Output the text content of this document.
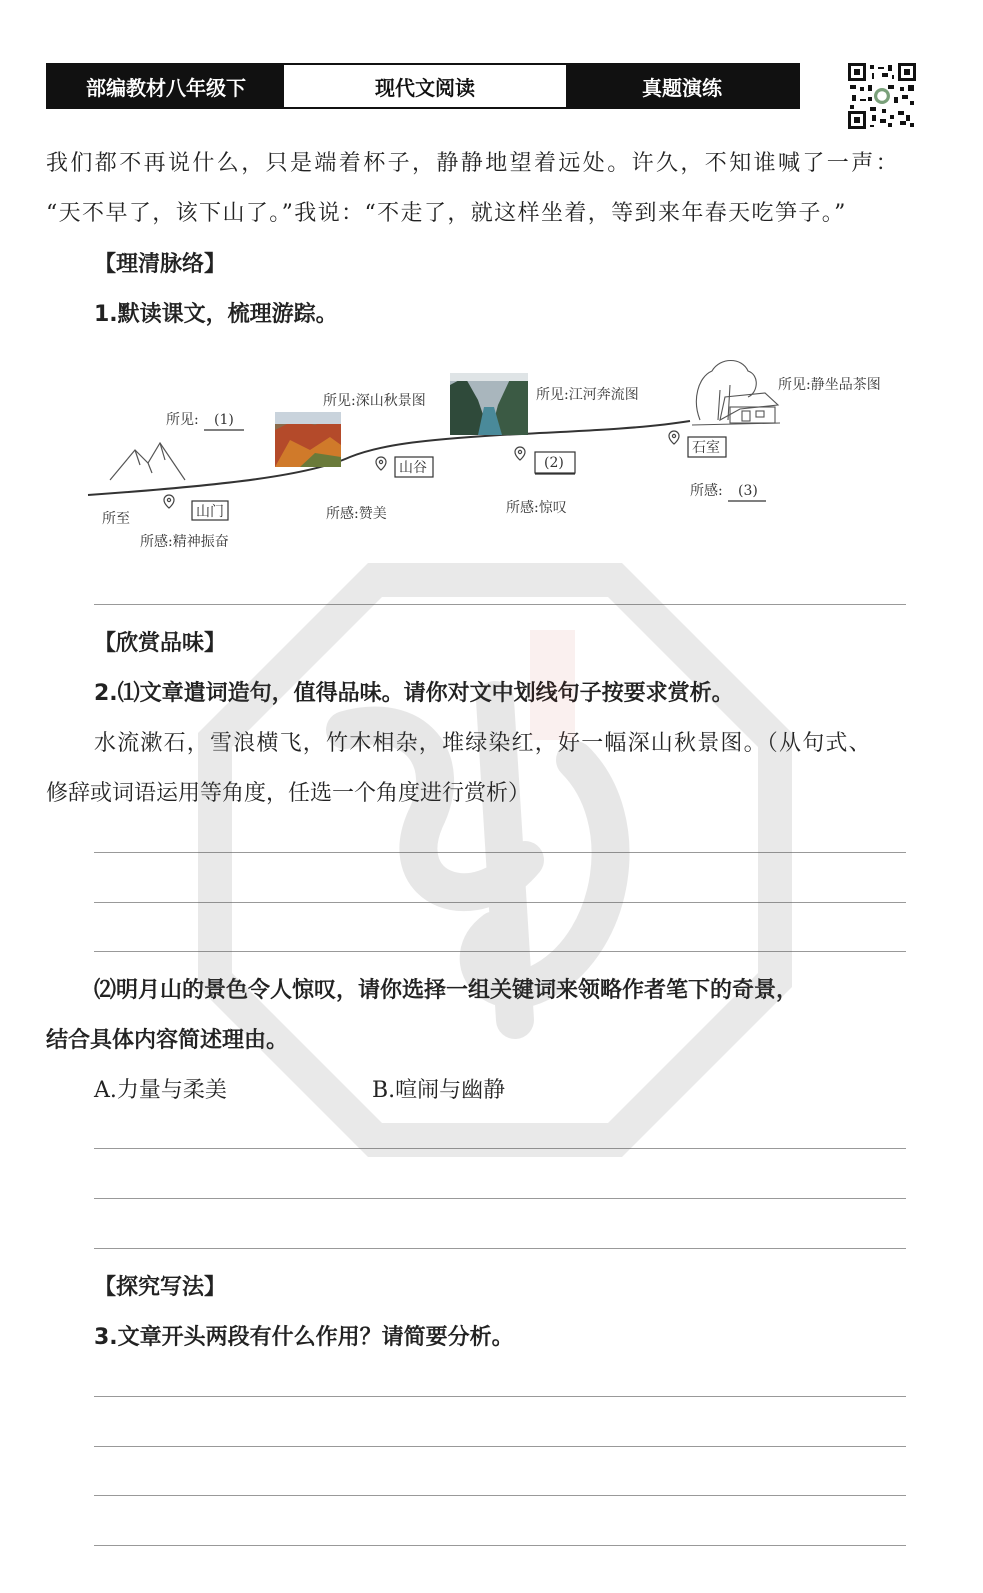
部编教材八年级下	现代文阅读	真题演练
我们都不再说什么，只是端着杯子，静静地望着远处。许久，不知谁喊了一声：
“天不早了，该下山了。”我说：“不走了，就这样坐着，等到来年春天吃笋子。”
【理清脉络】
1.默读课文，梳理游踪。
所至	山门
所感:精神振奋
所见: (1)
山谷
所见:深山秋景图
所感:赞美
(2)
所见:江河奔流图
所感:惊叹
石室
所见:静坐品茶图
所感: (3)
【欣赏品味】
2.⑴文章遣词造句，值得品味。请你对文中划线句子按要求赏析。
水流漱石，雪浪横飞，竹木相杂，堆绿染红，好一幅深山秋景图。（从句式、
修辞或词语运用等角度，任选一个角度进行赏析）
⑵明月山的景色令人惊叹，请你选择一组关键词来领略作者笔下的奇景，
结合具体内容简述理由。
A.力量与柔美	B.喧闹与幽静
【探究写法】
3.文章开头两段有什么作用？请简要分析。
